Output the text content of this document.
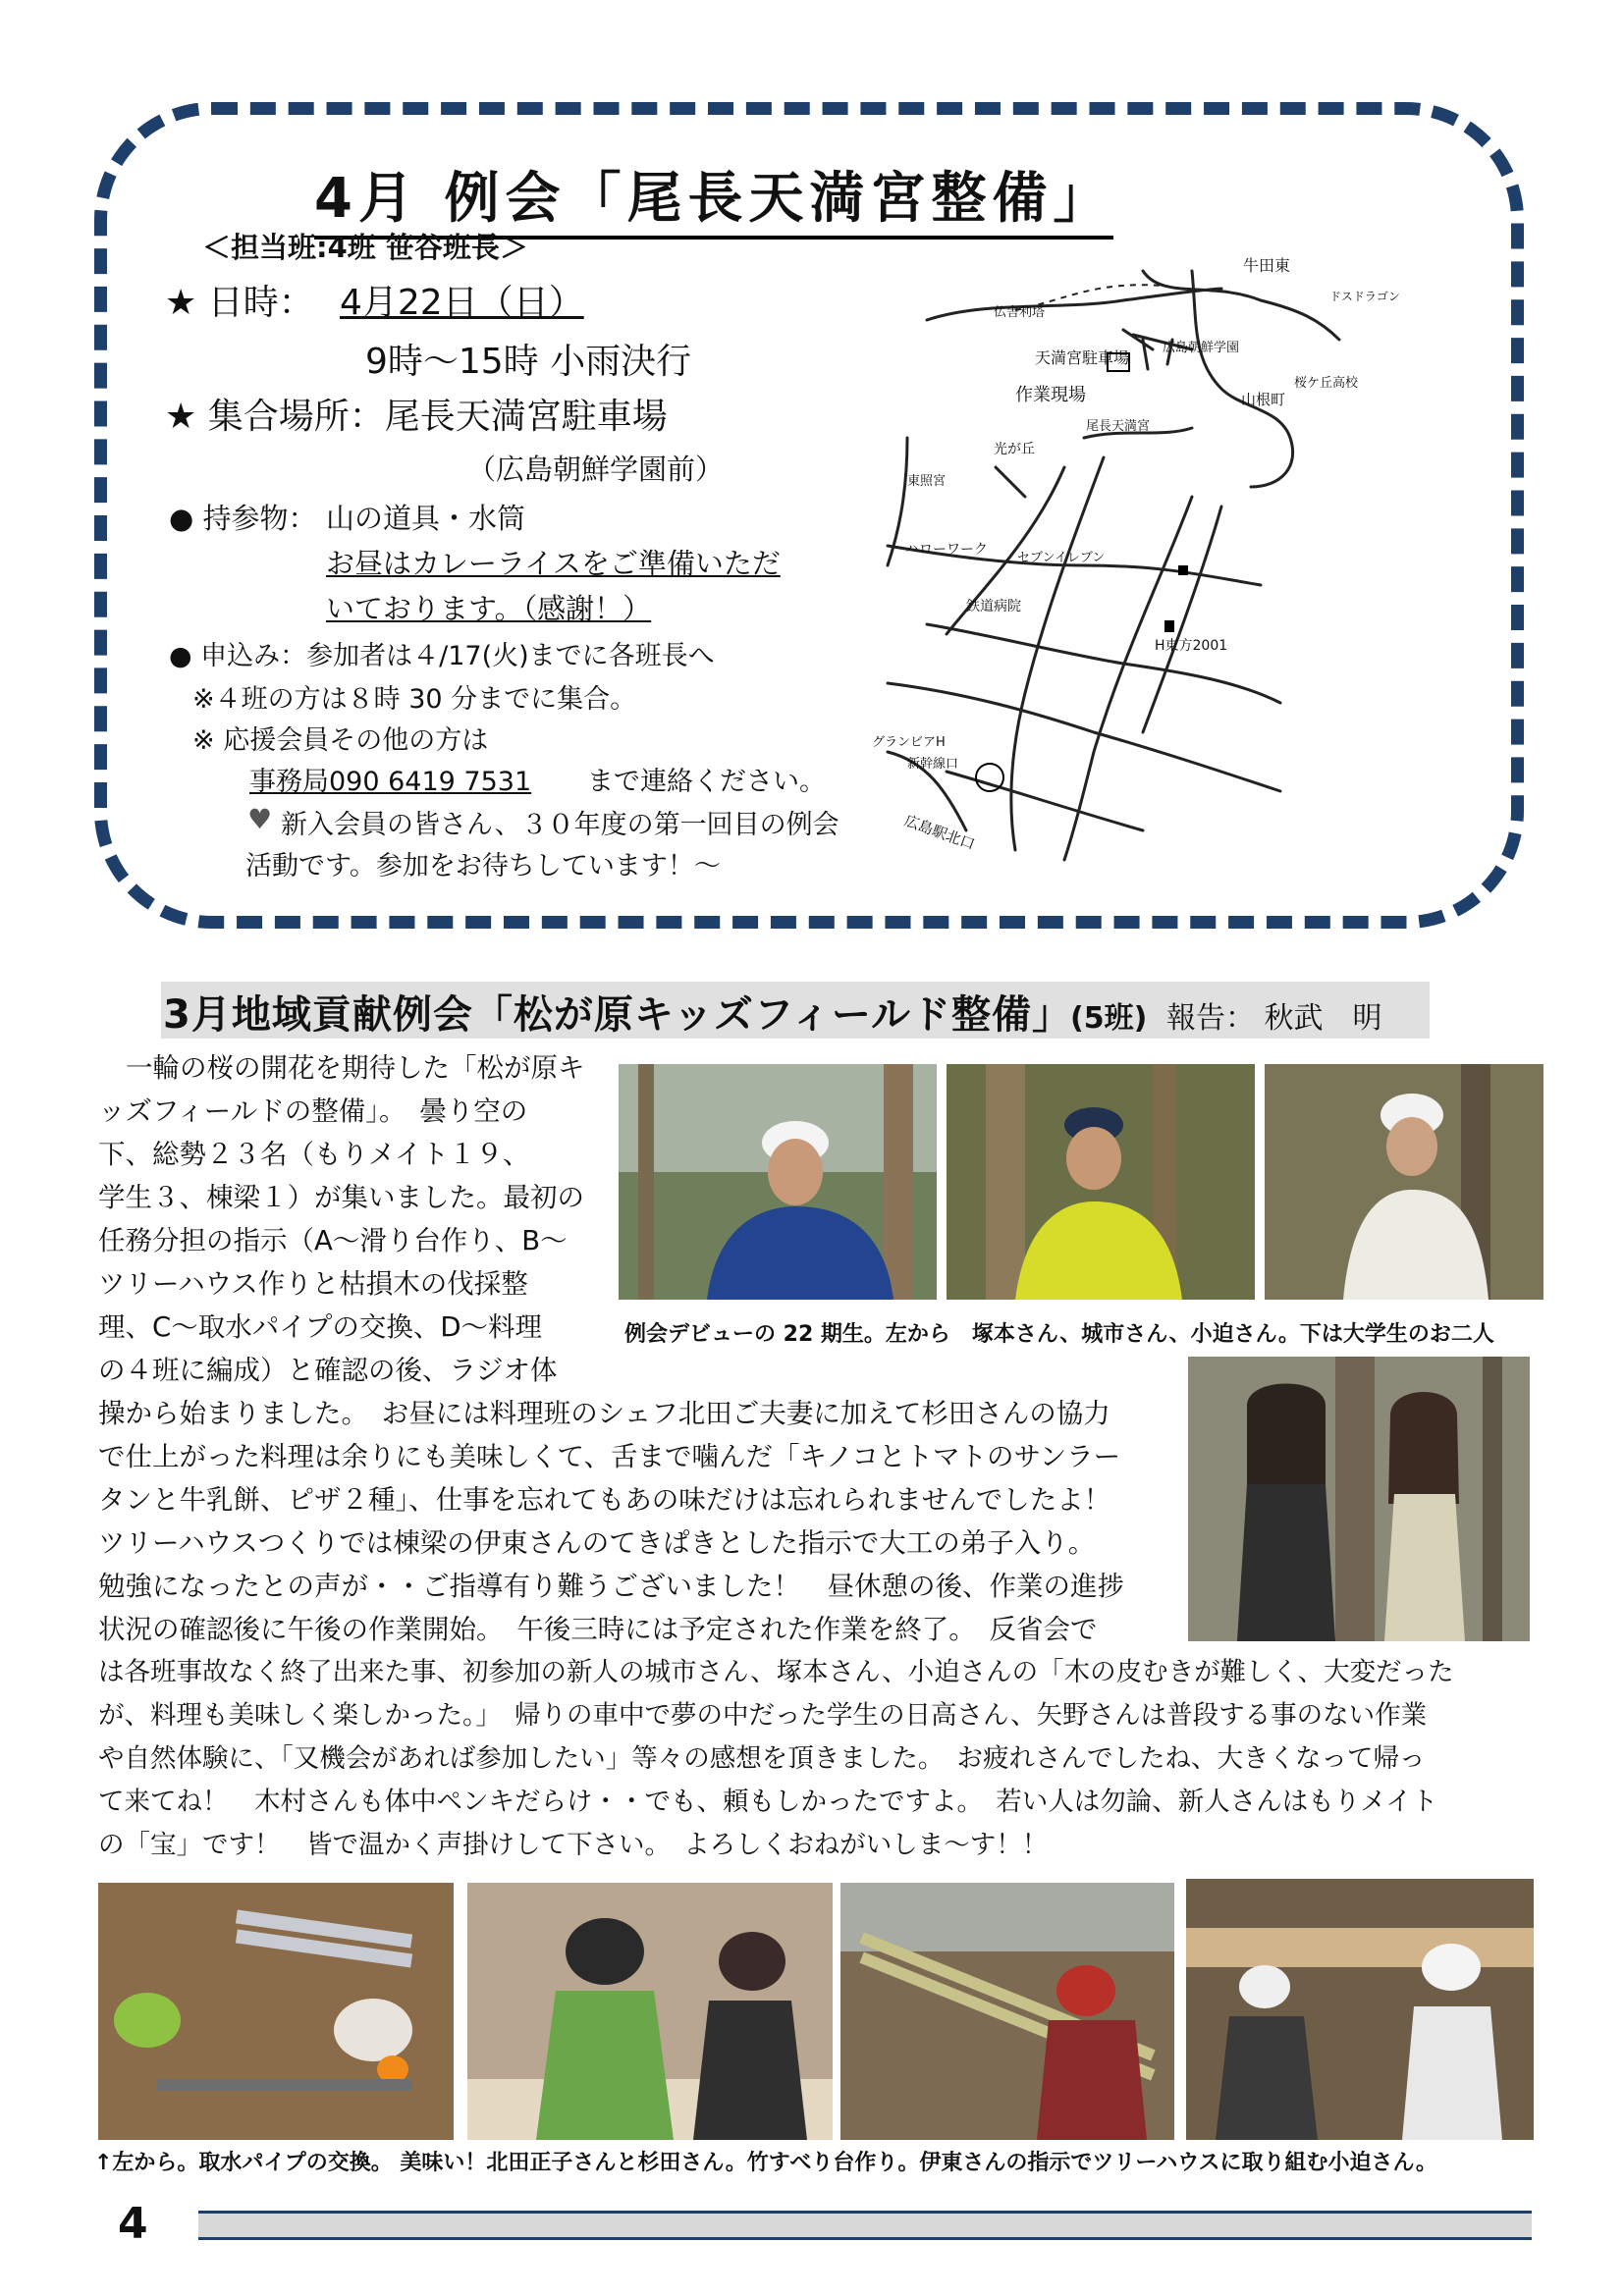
4月 例会「尾長天満宮整備」
＜担当班:4班 笹谷班長＞
★ 日時： 4月22日（日）
9時〜15時 小雨決行
★ 集合場所：尾長天満宮駐車場
（広島朝鮮学園前）
● 持参物： 山の道具・水筒
お昼はカレーライスをご準備いただ
いております。（感謝！）
● 申込み：参加者は４/17(火)までに各班長へ
※４班の方は８時 30 分までに集合。
※ 応援会員その他の方は
事務局090 6419 7531 まで連絡ください。
♥ 新入会員の皆さん、３０年度の第一回目の例会
活動です。参加をお待ちしています！〜
牛田東
ドスドラゴン
仏舎利塔
天満宮駐車場
広島朝鮮学園
桜ケ丘高校
作業現場	山根町
尾長天満宮
光が丘
東照宮
ハローワーク
セブンイレブン
鉄道病院
H東方2001
グランビアH
新幹線口
広島駅北口
3月地域貢献例会「松が原キッズフィールド整備」
(5班) 報告： 秋武　明
一輪の桜の開花を期待した「松が原キ
ッズフィールドの整備」。　曇り空の
下、総勢２３名（もりメイト１９、
学生３、棟梁１）が集いました。最初の
任務分担の指示（A〜滑り台作り、B〜
ツリーハウス作りと枯損木の伐採整
理、C〜取水パイプの交換、D〜料理
の４班に編成）と確認の後、ラジオ体
操から始まりました。　お昼には料理班のシェフ北田ご夫妻に加えて杉田さんの協力
で仕上がった料理は余りにも美味しくて、舌まで噛んだ「キノコとトマトのサンラー
タンと牛乳餅、ピザ２種」、仕事を忘れてもあの味だけは忘れられませんでしたよ！
ツリーハウスつくりでは棟梁の伊東さんのてきぱきとした指示で大工の弟子入り。
勉強になったとの声が・・ご指導有り難うございました！　昼休憩の後、作業の進捗
状況の確認後に午後の作業開始。　午後三時には予定された作業を終了。　反省会で
は各班事故なく終了出来た事、初参加の新人の城市さん、塚本さん、小迫さんの「木の皮むきが難しく、大変だった
が、料理も美味しく楽しかった。」　帰りの車中で夢の中だった学生の日高さん、矢野さんは普段する事のない作業
や自然体験に、「又機会があれば参加したい」等々の感想を頂きました。　お疲れさんでしたね、大きくなって帰っ
て来てね！　木村さんも体中ペンキだらけ・・でも、頼もしかったですよ。　若い人は勿論、新人さんはもりメイト
の「宝」です！　皆で温かく声掛けして下さい。　よろしくおねがいしま〜す！！
例会デビューの 22 期生。左から　塚本さん、城市さん、小迫さん。下は大学生のお二人
↑左から。取水パイプの交換。 美味い！北田正子さんと杉田さん。竹すべり台作り。伊東さんの指示でツリーハウスに取り組む小迫さん。
4
